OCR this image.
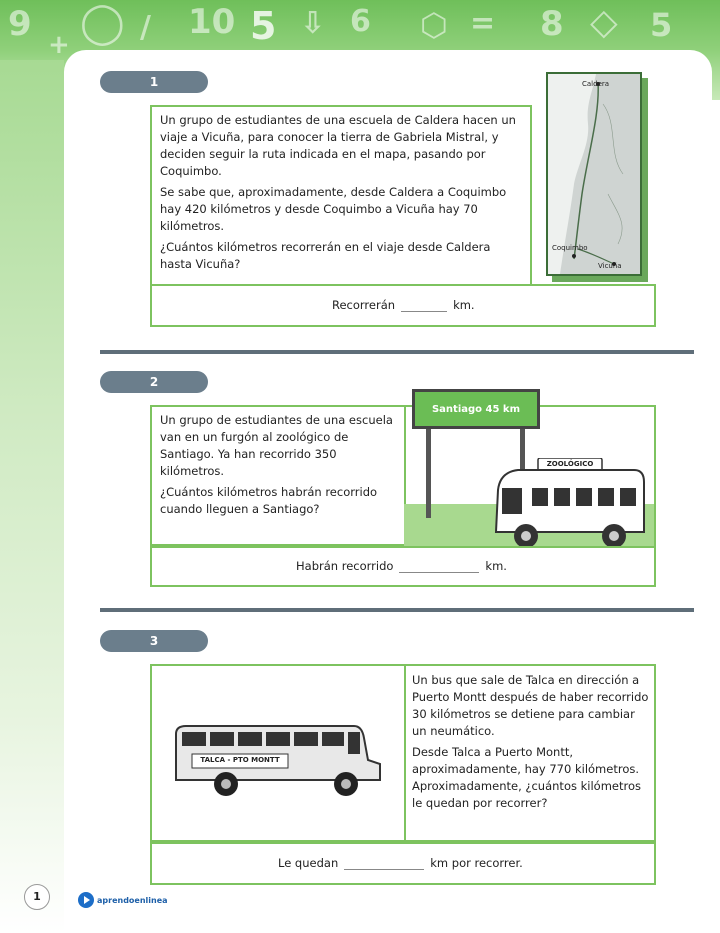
9
+ ◯ / 10 5 ⇩ 6 ⬡ = 8 ◇ 5
1

Un grupo de estudiantes de una escuela de Caldera hacen un viaje a Vicuña, para conocer la tierra de Gabriela Mistral, y deciden seguir la ruta indicada en el mapa, pasando por Coquimbo.

Se sabe que, aproximadamente, desde Caldera a Coquimbo hay 420 kilómetros y desde Coquimbo a Vicuña hay 70 kilómetros.

¿Cuántos kilómetros recorrerán en el viaje desde Caldera hasta Vicuña?

Recorrerán	km.
Caldera
Coquimbo
Vicuña
2
Santiago 45 km
ZOOLÓGICO

Un grupo de estudiantes de una escuela van en un furgón al zoológico de Santiago. Ya han recorrido 350 kilómetros.

¿Cuántos kilómetros habrán recorrido cuando lleguen a Santiago?

Habrán recorrido	km.
3
TALCA - PTO MONTT

Un bus que sale de Talca en dirección a Puerto Montt después de haber recorrido 30 kilómetros se detiene para cambiar un neumático.

Desde Talca a Puerto Montt, aproximadamente, hay 770 kilómetros. Aproximadamente, ¿cuántos kilómetros le quedan por recorrer?

Le quedan	km por recorrer.
1	aprendoenlinea
